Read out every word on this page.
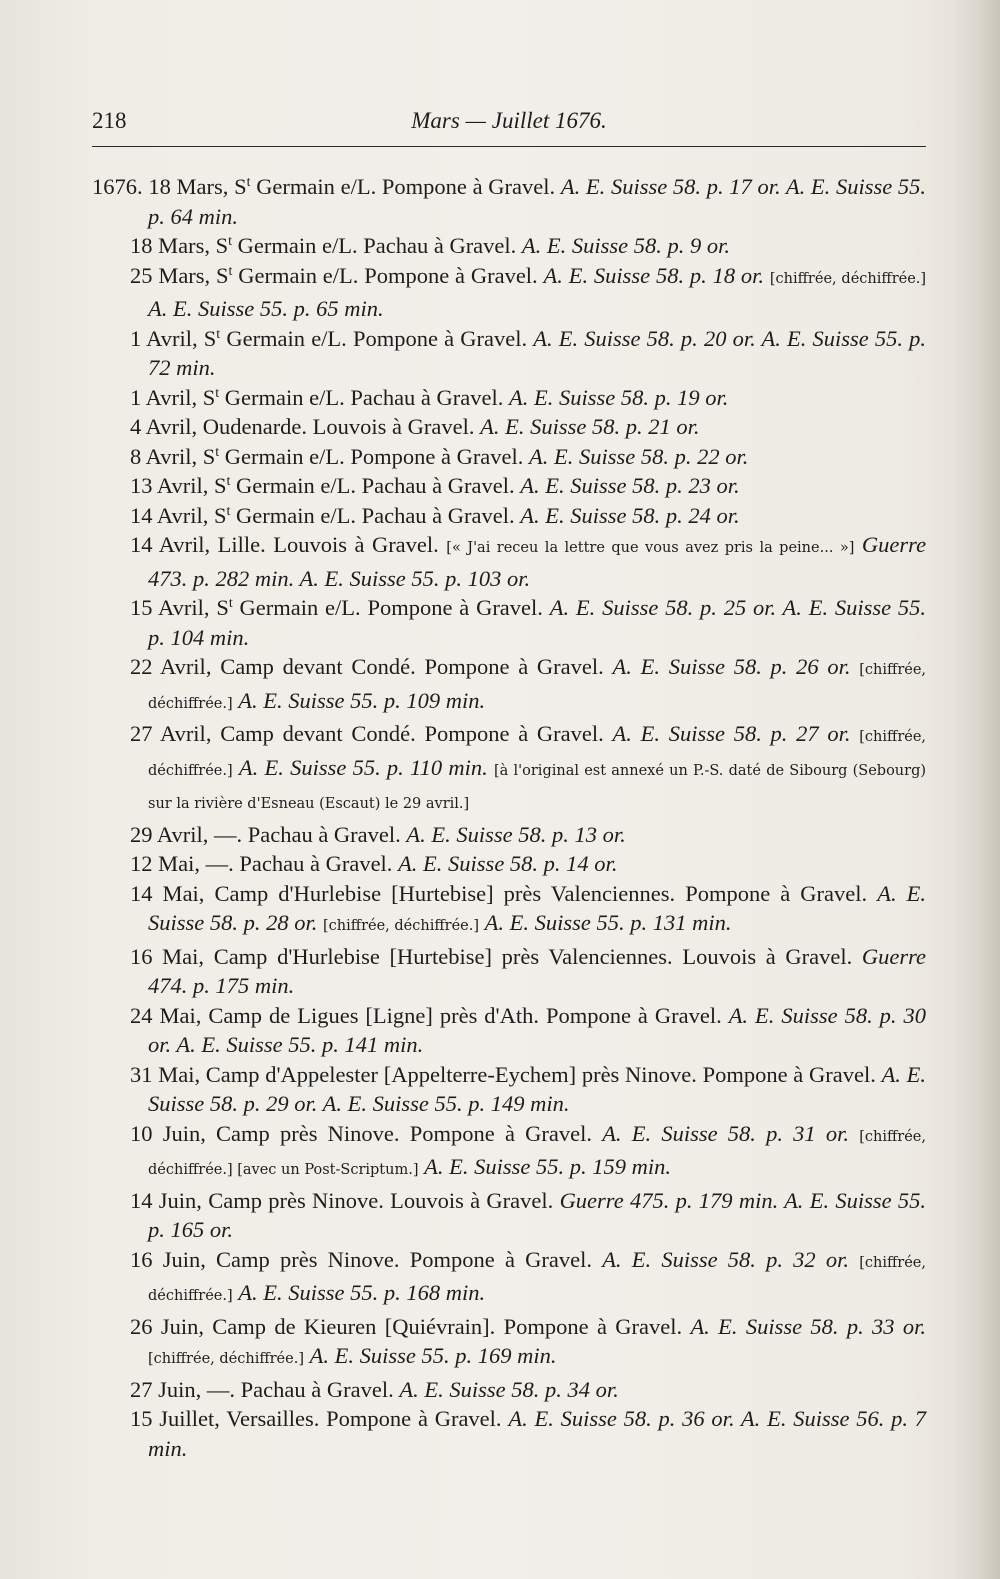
218	Mars — Juillet 1676.

1676. 18 Mars, $S^t$ Germain e/L. Pompone à Gravel. A. E. Suisse 58. p. 17 or. A. E. Suisse 55. p. 64 min.

18 Mars, $S^t$ Germain e/L. Pachau à Gravel. A. E. Suisse 58. p. 9 or.

25 Mars, $S^t$ Germain e/L. Pompone à Gravel. A. E. Suisse 58. p. 18 or. [chiffrée, déchiffrée.] A. E. Suisse 55. p. 65 min.

1 Avril, $S^t$ Germain e/L. Pompone à Gravel. A. E. Suisse 58. p. 20 or. A. E. Suisse 55. p. 72 min.

1 Avril, $S^t$ Germain e/L. Pachau à Gravel. A. E. Suisse 58. p. 19 or.

4 Avril, Oudenarde. Louvois à Gravel. A. E. Suisse 58. p. 21 or.

8 Avril, $S^t$ Germain e/L. Pompone à Gravel. A. E. Suisse 58. p. 22 or.

13 Avril, $S^t$ Germain e/L. Pachau à Gravel. A. E. Suisse 58. p. 23 or.

14 Avril, $S^t$ Germain e/L. Pachau à Gravel. A. E. Suisse 58. p. 24 or.

14 Avril, Lille. Louvois à Gravel. [« J'ai receu la lettre que vous avez pris la peine... »] Guerre 473. p. 282 min. A. E. Suisse 55. p. 103 or.

15 Avril, $S^t$ Germain e/L. Pompone à Gravel. A. E. Suisse 58. p. 25 or. A. E. Suisse 55. p. 104 min.

22 Avril, Camp devant Condé. Pompone à Gravel. A. E. Suisse 58. p. 26 or. [chiffrée, déchiffrée.] A. E. Suisse 55. p. 109 min.

27 Avril, Camp devant Condé. Pompone à Gravel. A. E. Suisse 58. p. 27 or. [chiffrée, déchiffrée.] A. E. Suisse 55. p. 110 min. [à l'original est annexé un P.-S. daté de Sibourg (Sebourg) sur la rivière d'Esneau (Escaut) le 29 avril.]

29 Avril, —. Pachau à Gravel. A. E. Suisse 58. p. 13 or.

12 Mai, —. Pachau à Gravel. A. E. Suisse 58. p. 14 or.

14 Mai, Camp d'Hurlebise [Hurtebise] près Valenciennes. Pompone à Gravel. A. E. Suisse 58. p. 28 or. [chiffrée, déchiffrée.] A. E. Suisse 55. p. 131 min.

16 Mai, Camp d'Hurlebise [Hurtebise] près Valenciennes. Louvois à Gravel. Guerre 474. p. 175 min.

24 Mai, Camp de Ligues [Ligne] près d'Ath. Pompone à Gravel. A. E. Suisse 58. p. 30 or. A. E. Suisse 55. p. 141 min.

31 Mai, Camp d'Appelester [Appelterre-Eychem] près Ninove. Pompone à Gravel. A. E. Suisse 58. p. 29 or. A. E. Suisse 55. p. 149 min.

10 Juin, Camp près Ninove. Pompone à Gravel. A. E. Suisse 58. p. 31 or. [chiffrée, déchiffrée.] [avec un Post-Scriptum.] A. E. Suisse 55. p. 159 min.

14 Juin, Camp près Ninove. Louvois à Gravel. Guerre 475. p. 179 min. A. E. Suisse 55. p. 165 or.

16 Juin, Camp près Ninove. Pompone à Gravel. A. E. Suisse 58. p. 32 or. [chiffrée, déchiffrée.] A. E. Suisse 55. p. 168 min.

26 Juin, Camp de Kieuren [Quiévrain]. Pompone à Gravel. A. E. Suisse 58. p. 33 or. [chiffrée, déchiffrée.] A. E. Suisse 55. p. 169 min.

27 Juin, —. Pachau à Gravel. A. E. Suisse 58. p. 34 or.

15 Juillet, Versailles. Pompone à Gravel. A. E. Suisse 58. p. 36 or. A. E. Suisse 56. p. 7 min.
